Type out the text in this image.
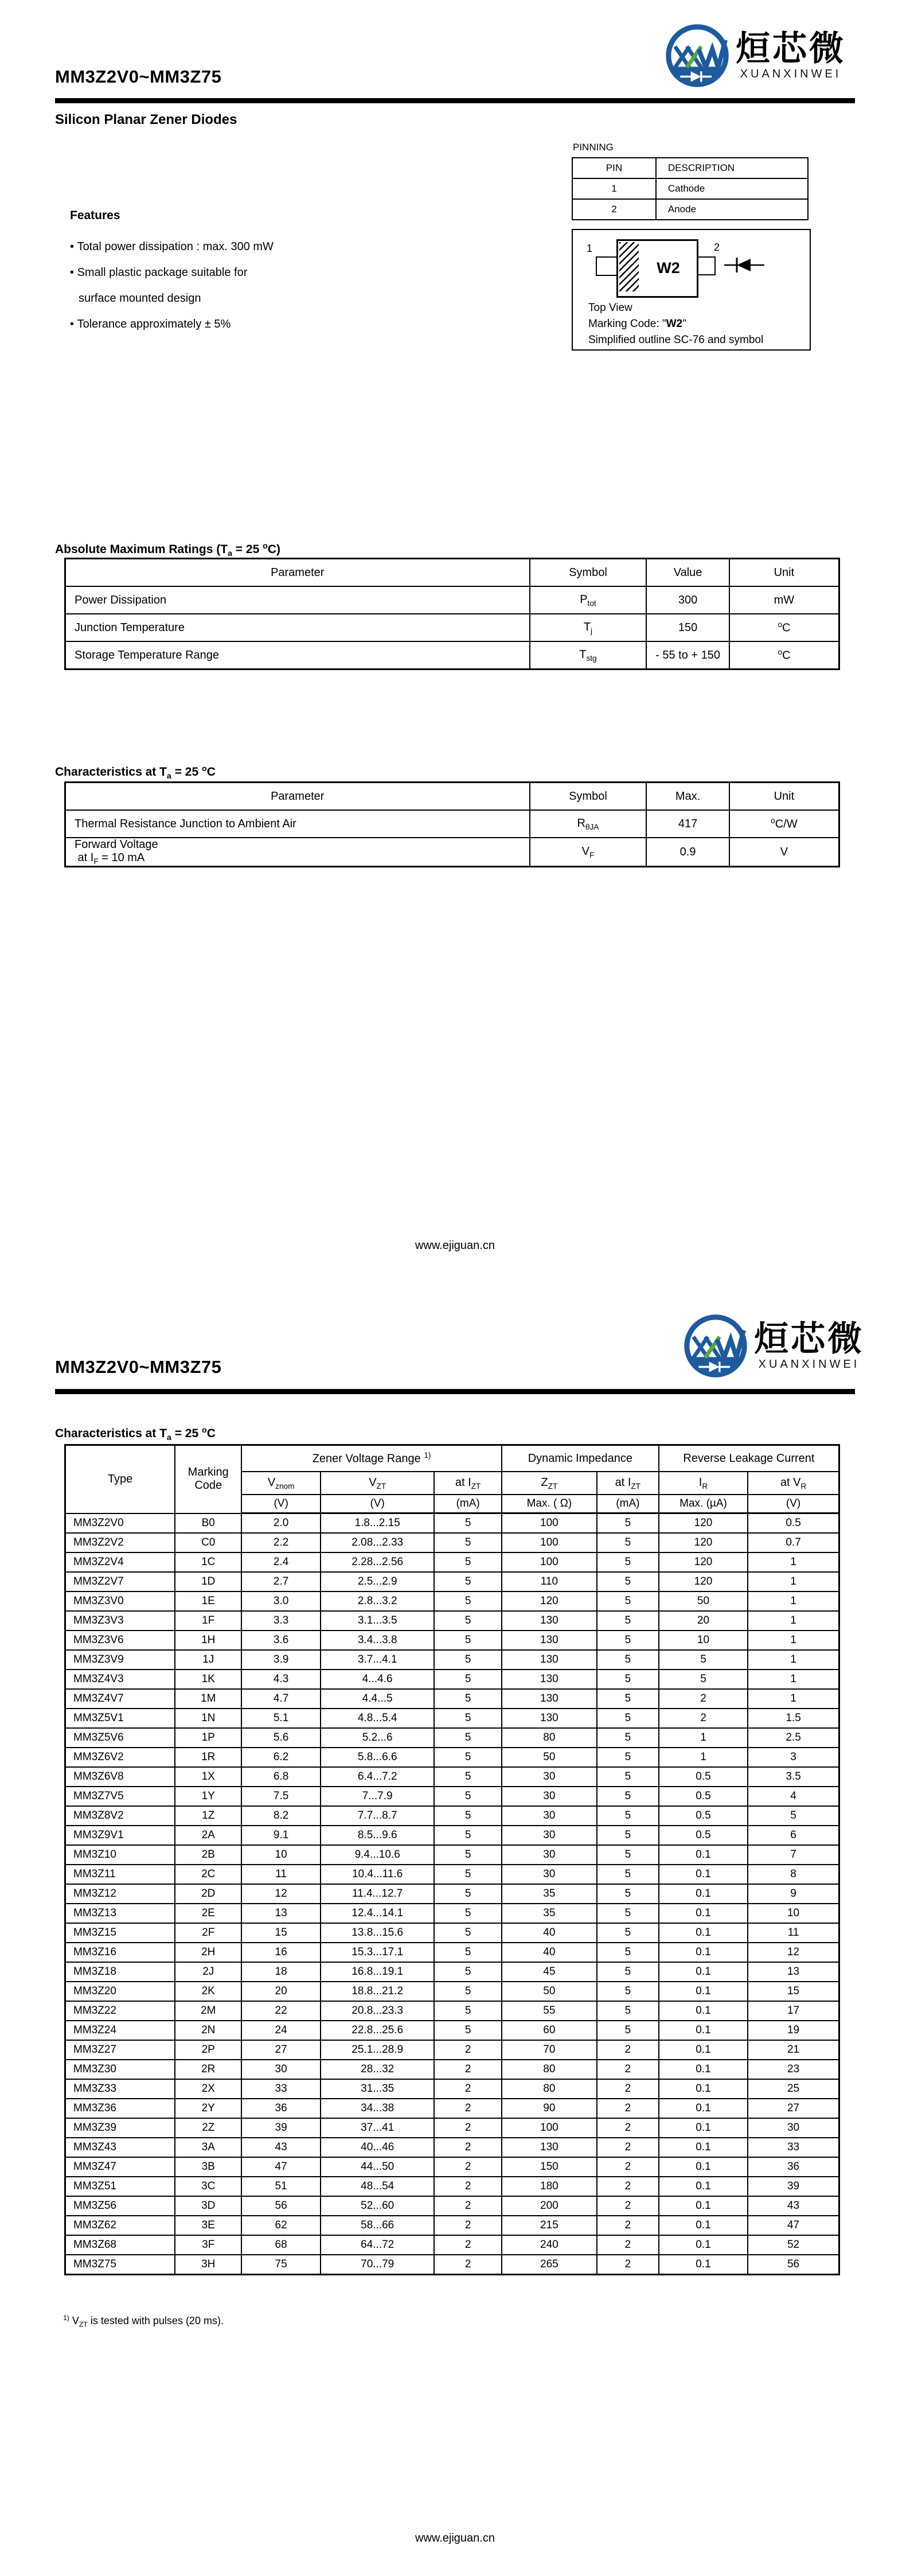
烜芯微
XUANXINWEI
MM3Z2V0~MM3Z75
Silicon Planar Zener Diodes
Features
• Total power dissipation : max. 300 mW
• Small plastic package suitable for
surface mounted design
• Tolerance approximately ± 5%
PINNING
PIN	DESCRIPTION
1	Cathode
2	Anode
1	2
W2
Top View
Marking Code: "W2"
Simplified outline SC-76 and symbol
Absolute Maximum Ratings ($T_a = 25$ $^o$C)
Parameter	Symbol	Value	Unit
Power Dissipation	$P_{tot}$	300	mW
Junction Temperature	$T_j$	150	$^o$C
Storage Temperature Range	$T_{stg}$	- 55 to + 150	$^o$C
Characteristics at $T_a = 25$ $^o$C
Parameter	Symbol	Max.	Unit
Thermal Resistance Junction to Ambient Air	$R_{\theta JA}$	417	$^o$C/W
Forward Voltage
at $I_F = 10$ mA	$V_F$	0.9	V
www.ejiguan.cn
烜芯微
XUANXINWEI
MM3Z2V0~MM3Z75
Characteristics at $T_a = 25$ $^o$C
Type	Marking Code	Zener Voltage Range $^{1)}$			Dynamic Impedance		Reverse Leakage Current	
		$V_{znom}$	$V_{ZT}$	at $I_{ZT}$	$Z_{ZT}$	at $I_{ZT}$	$I_R$	at $V_R$
		(V)	(V)	(mA)	Max. ( Ω)	(mA)	Max. (µA)	(V)
MM3Z2V0	B0	2.0	1.8...2.15	5	100	5	120	0.5
MM3Z2V2	C0	2.2	2.08...2.33	5	100	5	120	0.7
MM3Z2V4	1C	2.4	2.28...2.56	5	100	5	120	1
MM3Z2V7	1D	2.7	2.5...2.9	5	110	5	120	1
MM3Z3V0	1E	3.0	2.8...3.2	5	120	5	50	1
MM3Z3V3	1F	3.3	3.1...3.5	5	130	5	20	1
MM3Z3V6	1H	3.6	3.4...3.8	5	130	5	10	1
MM3Z3V9	1J	3.9	3.7...4.1	5	130	5	5	1
MM3Z4V3	1K	4.3	4...4.6	5	130	5	5	1
MM3Z4V7	1M	4.7	4.4...5	5	130	5	2	1
MM3Z5V1	1N	5.1	4.8...5.4	5	130	5	2	1.5
MM3Z5V6	1P	5.6	5.2...6	5	80	5	1	2.5
MM3Z6V2	1R	6.2	5.8...6.6	5	50	5	1	3
MM3Z6V8	1X	6.8	6.4...7.2	5	30	5	0.5	3.5
MM3Z7V5	1Y	7.5	7...7.9	5	30	5	0.5	4
MM3Z8V2	1Z	8.2	7.7...8.7	5	30	5	0.5	5
MM3Z9V1	2A	9.1	8.5...9.6	5	30	5	0.5	6
MM3Z10	2B	10	9.4...10.6	5	30	5	0.1	7
MM3Z11	2C	11	10.4...11.6	5	30	5	0.1	8
MM3Z12	2D	12	11.4...12.7	5	35	5	0.1	9
MM3Z13	2E	13	12.4...14.1	5	35	5	0.1	10
MM3Z15	2F	15	13.8...15.6	5	40	5	0.1	11
MM3Z16	2H	16	15.3...17.1	5	40	5	0.1	12
MM3Z18	2J	18	16.8...19.1	5	45	5	0.1	13
MM3Z20	2K	20	18.8...21.2	5	50	5	0.1	15
MM3Z22	2M	22	20.8...23.3	5	55	5	0.1	17
MM3Z24	2N	24	22.8...25.6	5	60	5	0.1	19
MM3Z27	2P	27	25.1...28.9	2	70	2	0.1	21
MM3Z30	2R	30	28...32	2	80	2	0.1	23
MM3Z33	2X	33	31...35	2	80	2	0.1	25
MM3Z36	2Y	36	34...38	2	90	2	0.1	27
MM3Z39	2Z	39	37...41	2	100	2	0.1	30
MM3Z43	3A	43	40...46	2	130	2	0.1	33
MM3Z47	3B	47	44...50	2	150	2	0.1	36
MM3Z51	3C	51	48...54	2	180	2	0.1	39
MM3Z56	3D	56	52...60	2	200	2	0.1	43
MM3Z62	3E	62	58...66	2	215	2	0.1	47
MM3Z68	3F	68	64...72	2	240	2	0.1	52
MM3Z75	3H	75	70...79	2	265	2	0.1	56
$^{1)}$ $V_{ZT}$ is tested with pulses (20 ms).
www.ejiguan.cn
